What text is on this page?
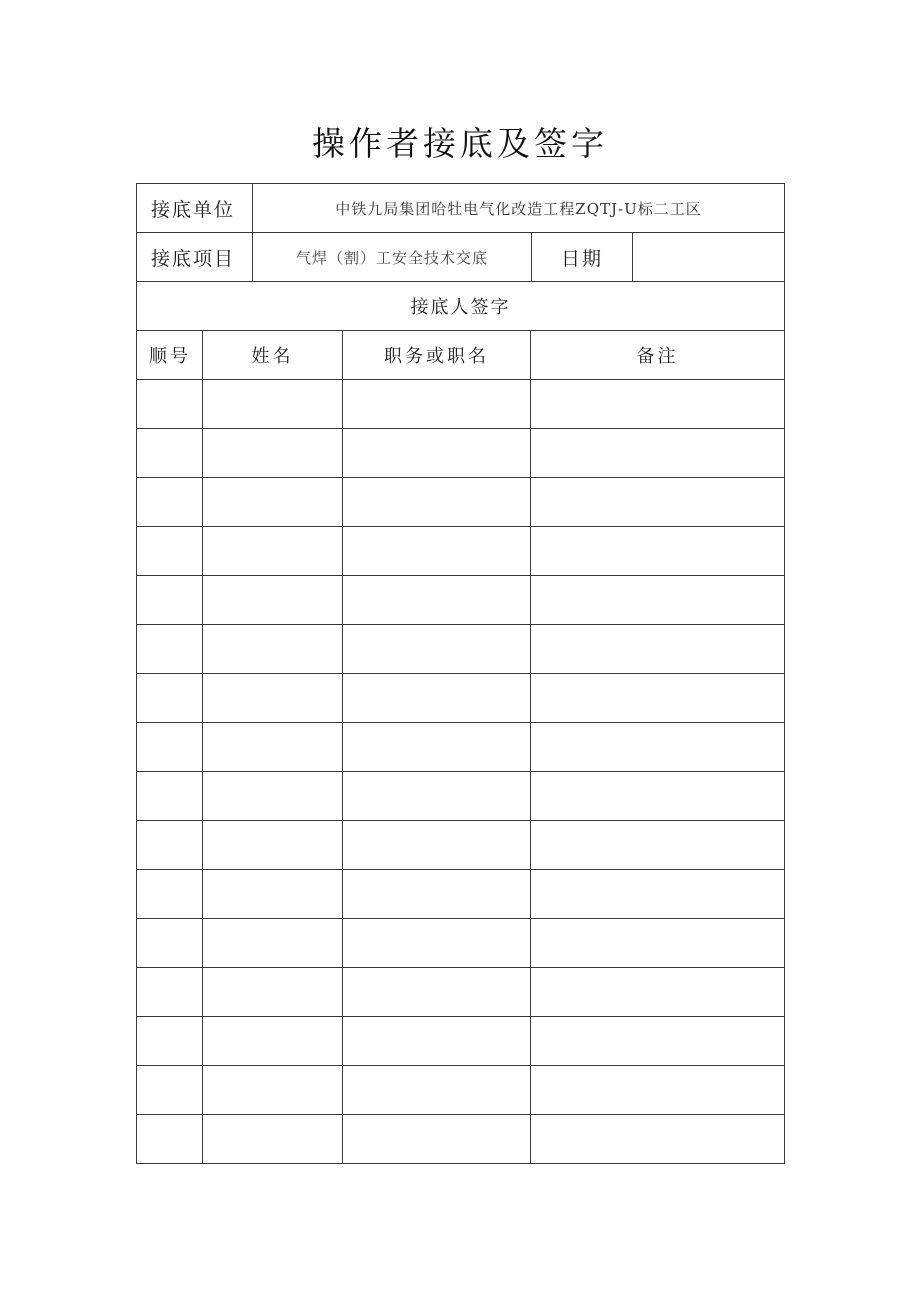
操作者接底及签字
接底单位	中铁九局集团哈牡电气化改造工程ZQTJ-U标二工区
接底项目	气焊（割）工安全技术交底	日期
接底人签字
顺号	姓名	职务或职名	备注
